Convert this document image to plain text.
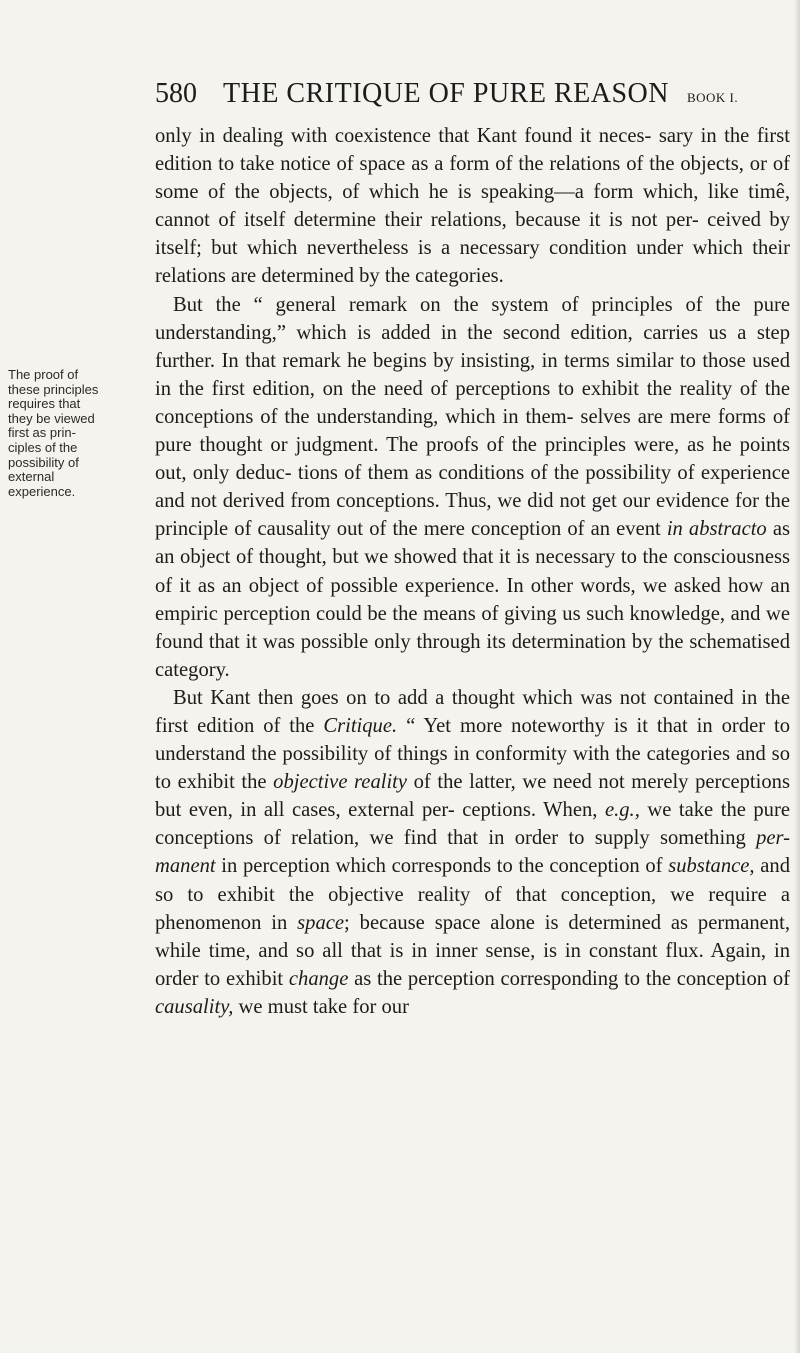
580 THE CRITIQUE OF PURE REASON BOOK I.
The proof of
these principles
requires that
they be viewed
first as prin-
ciples of the
possibility of
external
experience.

only in dealing with coexistence that Kant found it neces- sary in the first edition to take notice of space as a form of the relations of the objects, or of some of the objects, of which he is speaking—a form which, like timê, cannot of itself determine their relations, because it is not per- ceived by itself; but which nevertheless is a necessary condition under which their relations are determined by the categories.

But the “ general remark on the system of principles of the pure understanding,” which is added in the second edition, carries us a step further. In that remark he begins by insisting, in terms similar to those used in the first edition, on the need of perceptions to exhibit the reality of the conceptions of the understanding, which in them- selves are mere forms of pure thought or judgment. The proofs of the principles were, as he points out, only deduc- tions of them as conditions of the possibility of experience and not derived from conceptions. Thus, we did not get our evidence for the principle of causality out of the mere conception of an event in abstracto as an object of thought, but we showed that it is necessary to the consciousness of it as an object of possible experience. In other words, we asked how an empiric perception could be the means of giving us such knowledge, and we found that it was possible only through its determination by the schematised category.

But Kant then goes on to add a thought which was not contained in the first edition of the Critique. “ Yet more noteworthy is it that in order to understand the possibility of things in conformity with the categories and so to exhibit the objective reality of the latter, we need not merely perceptions but even, in all cases, external per- ceptions. When, e.g., we take the pure conceptions of relation, we find that in order to supply something per- manent in perception which corresponds to the conception of substance, and so to exhibit the objective reality of that conception, we require a phenomenon in space; because space alone is determined as permanent, while time, and so all that is in inner sense, is in constant flux. Again, in order to exhibit change as the perception corresponding to the conception of causality, we must take for our
